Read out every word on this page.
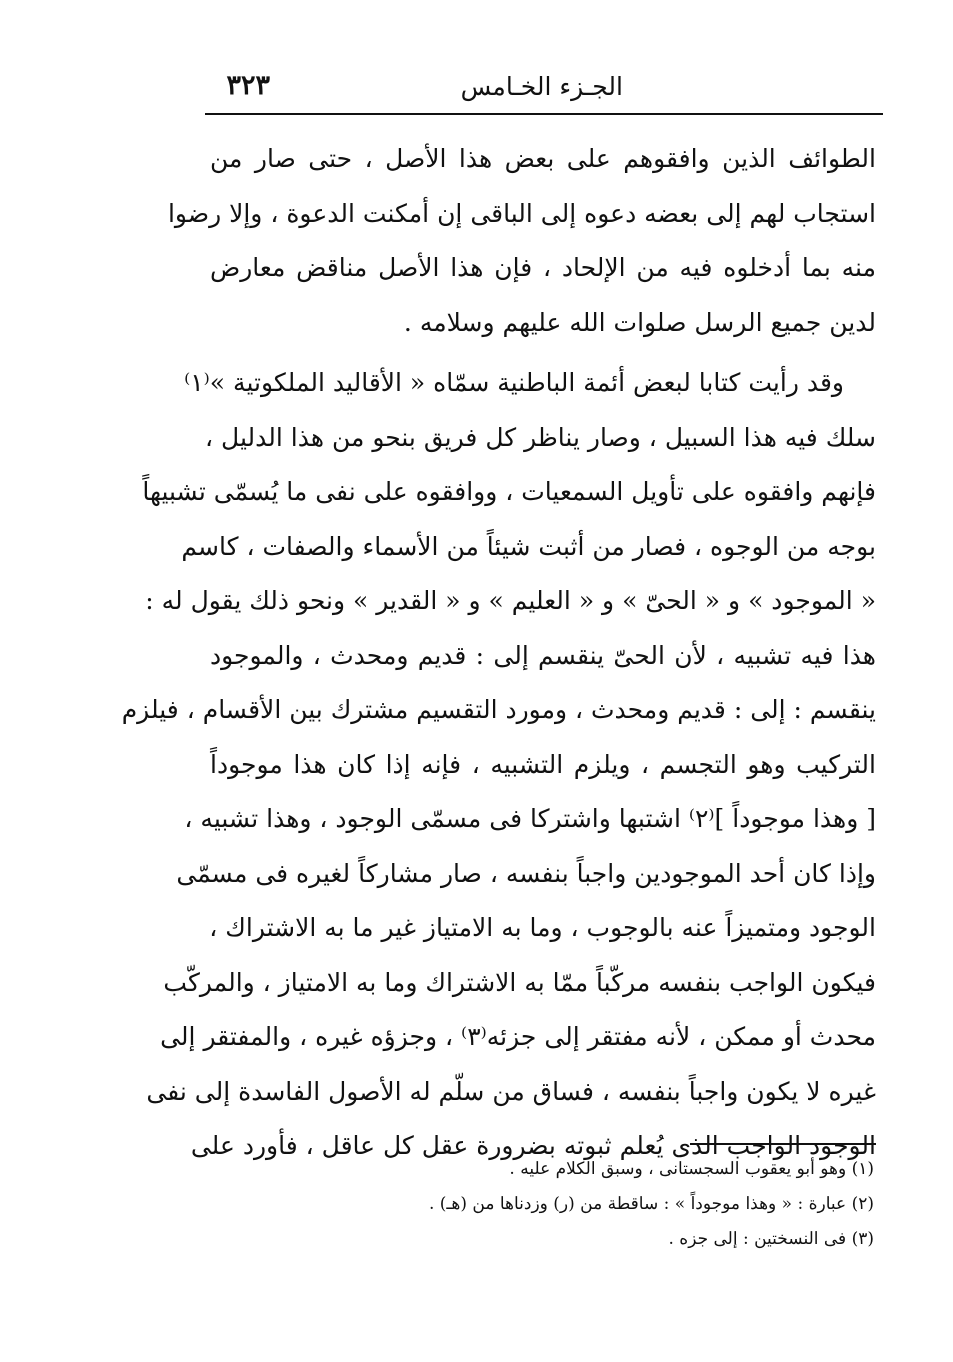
٣٢٣	الجـزء الخـامس
الطوائف الذين وافقوهم على بعض هذا الأصل ، حتى صار من
استجاب لهم إلى بعضه دعوه إلى الباقى إن أمكنت الدعوة ، وإلا رضوا
منه بما أدخلوه فيه من الإلحاد ، فإن هذا الأصل مناقض معارض
لدين جميع الرسل صلوات الله عليهم وسلامه .
وقد رأيت كتابا لبعض أئمة الباطنية سمّاه « الأقاليد الملكوتية »⁽١⁾
سلك فيه هذا السبيل ، وصار يناظر كل فريق بنحو من هذا الدليل ،
فإنهم وافقوه على تأويل السمعيات ، ووافقوه على نفى ما يُسمّى تشبيهاً
بوجه من الوجوه ، فصار من أثبت شيئاً من الأسماء والصفات ، كاسم
« الموجود » و « الحىّ » و « العليم » و « القدير » ونحو ذلك يقول له :
هذا فيه تشبيه ، لأن الحىّ ينقسم إلى : قديم ومحدث ، والموجود
ينقسم : إلى : قديم ومحدث ، ومورد التقسيم مشترك بين الأقسام ، فيلزم
التركيب وهو التجسم ، ويلزم التشبيه ، فإنه إذا كان هذا موجوداً
[ وهذا موجوداً ]⁽٢⁾ اشتبها واشتركا فى مسمّى الوجود ، وهذا تشبيه ،
وإذا كان أحد الموجودين واجباً بنفسه ، صار مشاركاً لغيره فى مسمّى
الوجود ومتميزاً عنه بالوجوب ، وما به الامتياز غير ما به الاشتراك ،
فيكون الواجب بنفسه مركّباً ممّا به الاشتراك وما به الامتياز ، والمركّب
محدث أو ممكن ، لأنه مفتقر إلى جزئه⁽٣⁾ ، وجزؤه غيره ، والمفتقر إلى
غيره لا يكون واجباً بنفسه ، فساق من سلّم له الأصول الفاسدة إلى نفى
الوجود الواجب الذى يُعلم ثبوته بضرورة عقل كل عاقل ، فأورد على
(١) وهو أبو يعقوب السجستانى ، وسبق الكلام عليه .
(٢) عبارة : « وهذا موجوداً » : ساقطة من (ر) وزدناها من (هـ) .
(٣) فى النسختين : إلى جزه .
